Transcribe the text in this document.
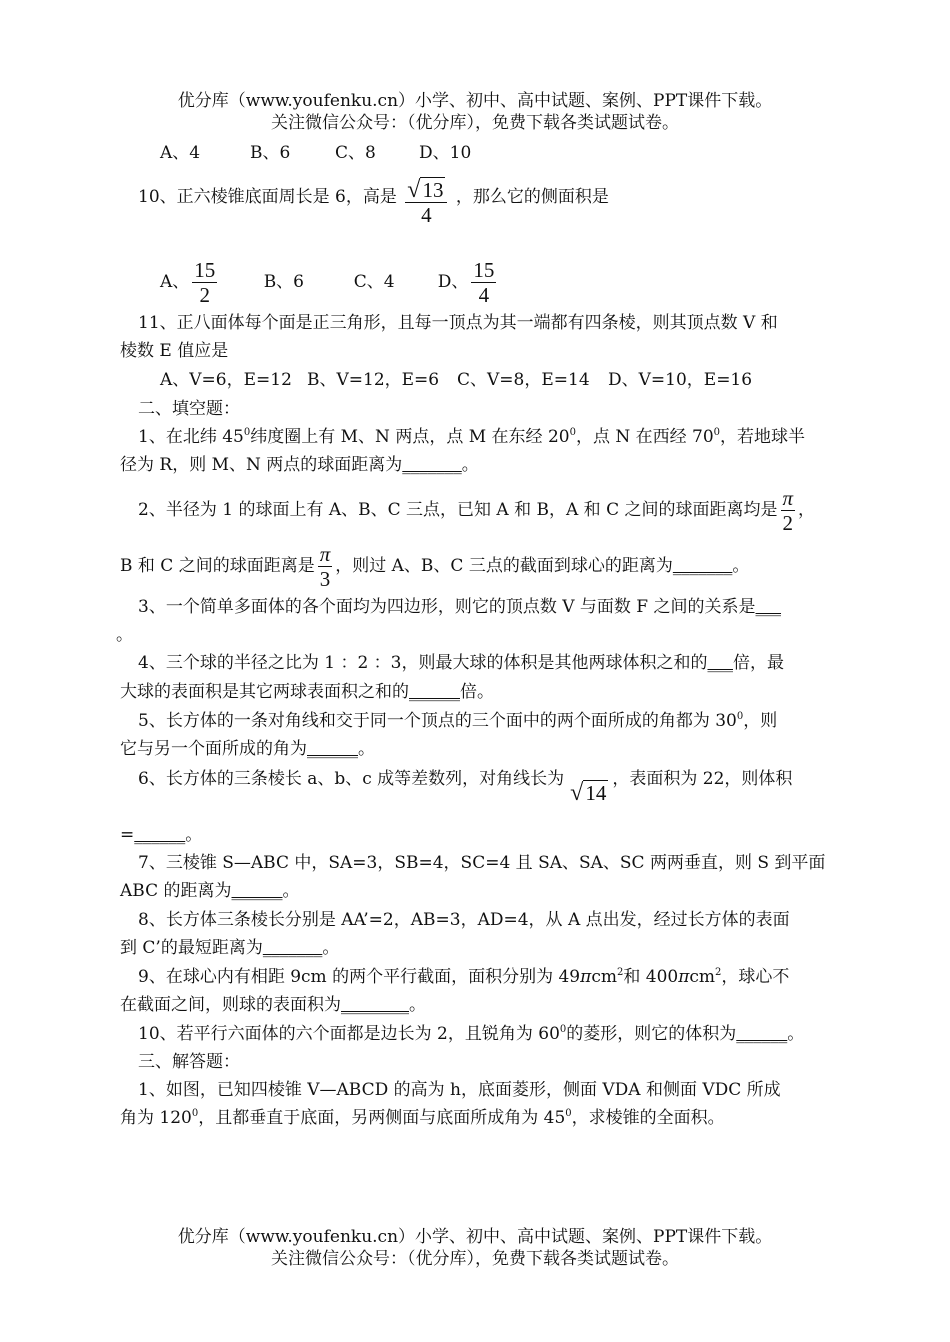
优分库（www.youfenku.cn）小学、初中、高中试题、案例、PPT课件下载。
关注微信公众号：（优分库），免费下载各类试题试卷。
A、4	B、6	C、8	D、10
10、正六棱锥底面周长是 6，高是 $\frac{√13}{4}$ ，那么它的侧面积是
A、 $\frac{15}{2}$	B、6	C、4	D、 $\frac{15}{4}$
11、正八面体每个面是正三角形，且每一顶点为其一端都有四条棱，则其顶点数 V 和
棱数 E 值应是
A、V=6，E=12 B、V=12，E=6 C、V=8，E=14 D、V=10，E=16
二、填空题：
1、在北纬 $45^0$纬度圈上有 M、N 两点，点 M 在东经 $20^0$，点 N 在西经 $70^0$，若地球半
径为 R，则 M、N 两点的球面距离为_______。
2、半径为 1 的球面上有 A、B、C 三点，已知 A 和 B，A 和 C 之间的球面距离均是 $\frac{\pi}{2}$ ，
B 和 C 之间的球面距离是 $\frac{\pi}{3}$ ，则过 A、B、C 三点的截面到球心的距离为_______。
3、一个简单多面体的各个面均为四边形，则它的顶点数 V 与面数 F 之间的关系是___
。
4、三个球的半径之比为 1 ：2 ：3，则最大球的体积是其他两球体积之和的___倍，最
大球的表面积是其它两球表面积之和的______倍。
5、长方体的一条对角线和交于同一个顶点的三个面中的两个面所成的角都为 $30^0$，则
它与另一个面所成的角为______。
6、长方体的三条棱长 a、b、c 成等差数列，对角线长为√14，表面积为 22，则体积
=______。
7、三棱锥 S—ABC 中，SA=3，SB=4，SC=4 且 SA、SA、SC 两两垂直，则 S 到平面
ABC 的距离为______。
8、长方体三条棱长分别是 AA’=2，AB=3，AD=4，从 A 点出发，经过长方体的表面
到 C’的最短距离为_______。
9、在球心内有相距 9cm 的两个平行截面，面积分别为 49πcm$^2$和 400πcm$^2$，球心不
在截面之间，则球的表面积为________。
10、若平行六面体的六个面都是边长为 2，且锐角为 $60^0$的菱形，则它的体积为______。
三、解答题：
1、如图，已知四棱锥 V—ABCD 的高为 h，底面菱形，侧面 VDA 和侧面 VDC 所成
角为 $120^0$，且都垂直于底面，另两侧面与底面所成角为 $45^0$，求棱锥的全面积。
优分库（www.youfenku.cn）小学、初中、高中试题、案例、PPT课件下载。
关注微信公众号：（优分库），免费下载各类试题试卷。
